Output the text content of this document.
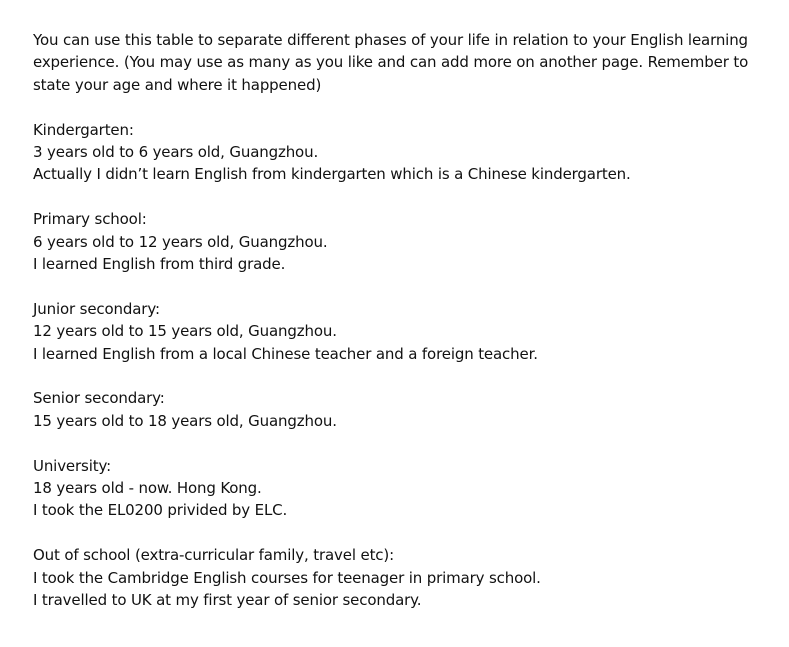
You can use this table to separate different phases of your life in relation to your English learning experience. (You may use as many as you like and can add more on another page. Remember to state your age and where it happened)

Kindergarten:
3 years old to 6 years old, Guangzhou.
Actually I didn’t learn English from kindergarten which is a Chinese kindergarten.
Primary school:
6 years old to 12 years old, Guangzhou.
I learned English from third grade.
Junior secondary:
12 years old to 15 years old, Guangzhou.
I learned English from a local Chinese teacher and a foreign teacher.
Senior secondary:
15 years old to 18 years old, Guangzhou.
University:
18 years old - now. Hong Kong.
I took the EL0200 privided by ELC.
Out of school (extra-curricular family, travel etc):
I took the Cambridge English courses for teenager in primary school.
I travelled to UK at my first year of senior secondary.
